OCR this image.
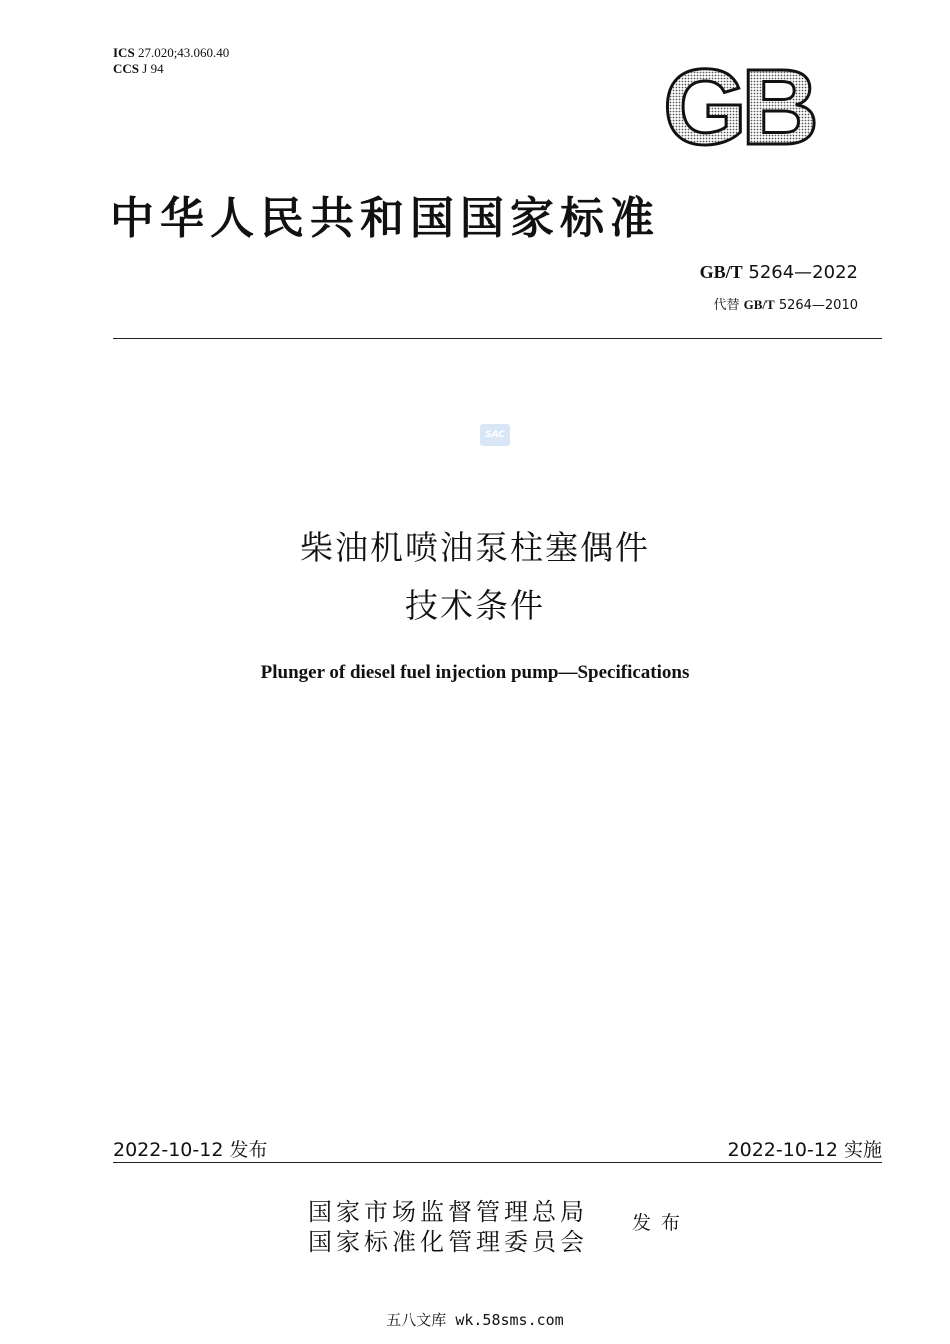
ICS 27.020;43.060.40
CCS J 94	GB
中华人民共和国国家标准
GB/T 5264—2022
代替 GB/T 5264—2010
SAC
柴油机喷油泵柱塞偶件
技术条件
Plunger of diesel fuel injection pump—Specifications
2022-10-12 发布	2022-10-12 实施
国家市场监督管理总局
国家标准化管理委员会
发布
五八文库 wk.58sms.com
